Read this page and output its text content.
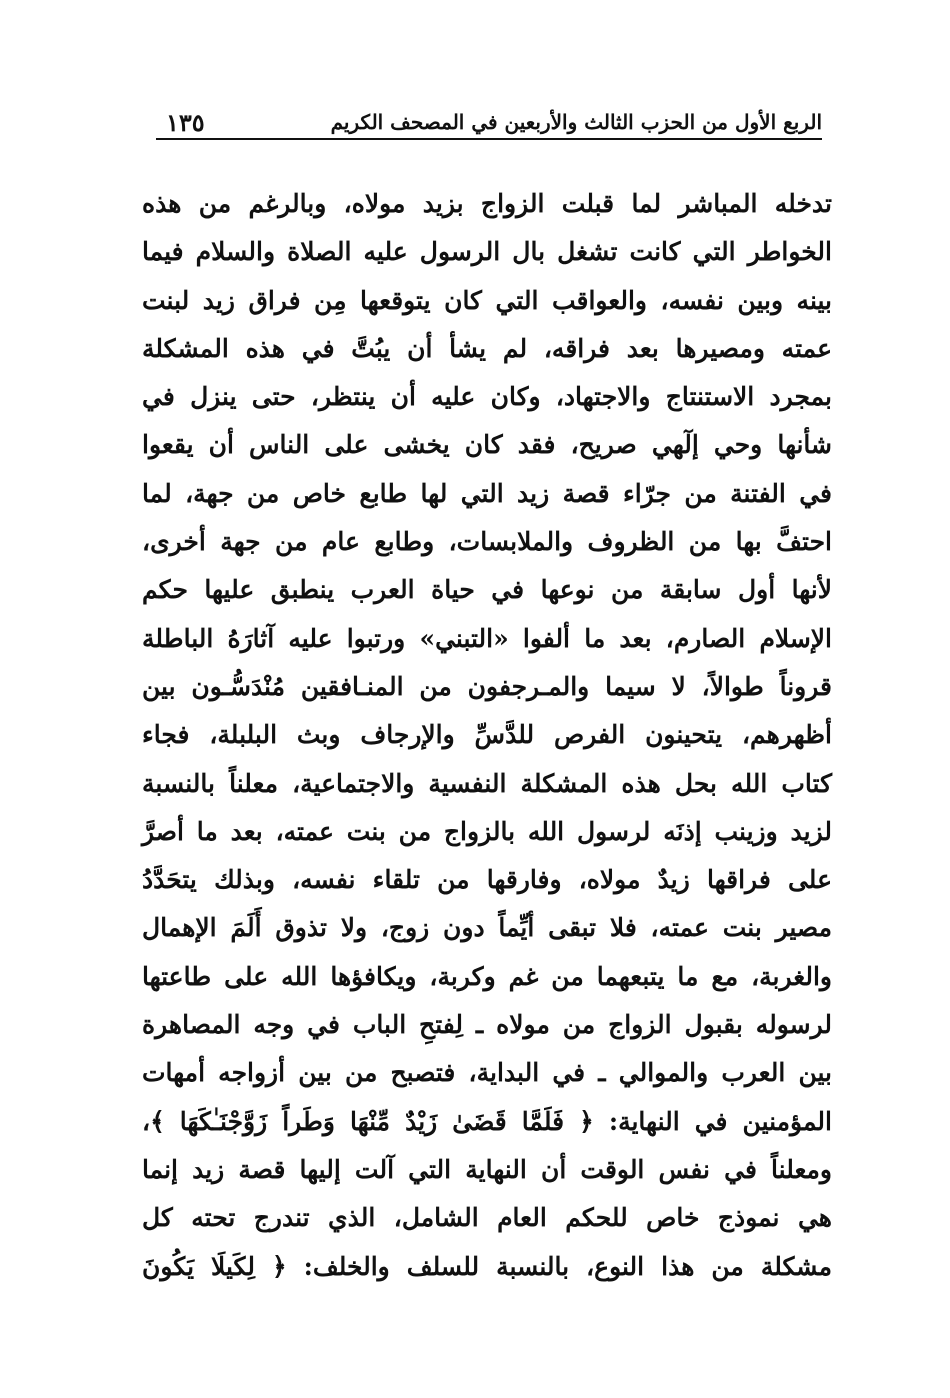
الربع الأول من الحزب الثالث والأربعين في المصحف الكريم
١٣٥
تدخله المباشر لما قبلت الزواج بزيد مولاه، وبالرغم من هذه
الخواطر التي كانت تشغل بال الرسول عليه الصلاة والسلام فيما
بينه وبين نفسه، والعواقب التي كان يتوقعها مِن فراق زيد لبنت
عمته ومصيرها بعد فراقه، لم يشأ أن يبُتَّ في هذه المشكلة
بمجرد الاستنتاج والاجتهاد، وكان عليه أن ينتظر، حتى ينزل في
شأنها وحي إلٓهي صريح، فقد كان يخشى على الناس أن يقعوا
في الفتنة من جرّاء قصة زيد التي لها طابع خاص من جهة، لما
احتفَّ بها من الظروف والملابسات، وطابع عام من جهة أخرى،
لأنها أول سابقة من نوعها في حياة العرب ينطبق عليها حكم
الإسلام الصارم، بعد ما ألفوا «التبني» ورتبوا عليه آثارَهُ الباطلة
قروناً طوالاً، لا سيما والمـرجفون من المنـافقين مُنْدَسُّـون بين
أظهرهم، يتحينون الفرص للدَّسِّ والإرجاف وبث البلبلة، فجاء
كتاب الله بحل هذه المشكلة النفسية والاجتماعية، معلناً بالنسبة
لزيد وزينب إذنَه لرسول الله بالزواج من بنت عمته، بعد ما أصرَّ
على فراقها زيدٌ مولاه، وفارقها من تلقاء نفسه، وبذلك يتحَدَّدُ
مصير بنت عمته، فلا تبقى أيِّماً دون زوج، ولا تذوق أَلَمَ الإهمال
والغربة، مع ما يتبعهما من غم وكربة، ويكافؤها الله على طاعتها
لرسوله بقبول الزواج من مولاه ـ لِفتحِ الباب في وجه المصاهرة
بين العرب والموالي ـ في البداية، فتصبح من بين أزواجه أمهات
المؤمنين في النهاية: ﴿ فَلَمَّا قَضَىٰ زَيْدٌ مِّنْهَا وَطَراً زَوَّجْنَـٰكَهَا ﴾،
ومعلناً في نفس الوقت أن النهاية التي آلت إليها قصة زيد إنما
هي نموذج خاص للحكم العام الشامل، الذي تندرج تحته كل
مشكلة من هذا النوع، بالنسبة للسلف والخلف: ﴿ لِكَيلَا يَكُونَ
